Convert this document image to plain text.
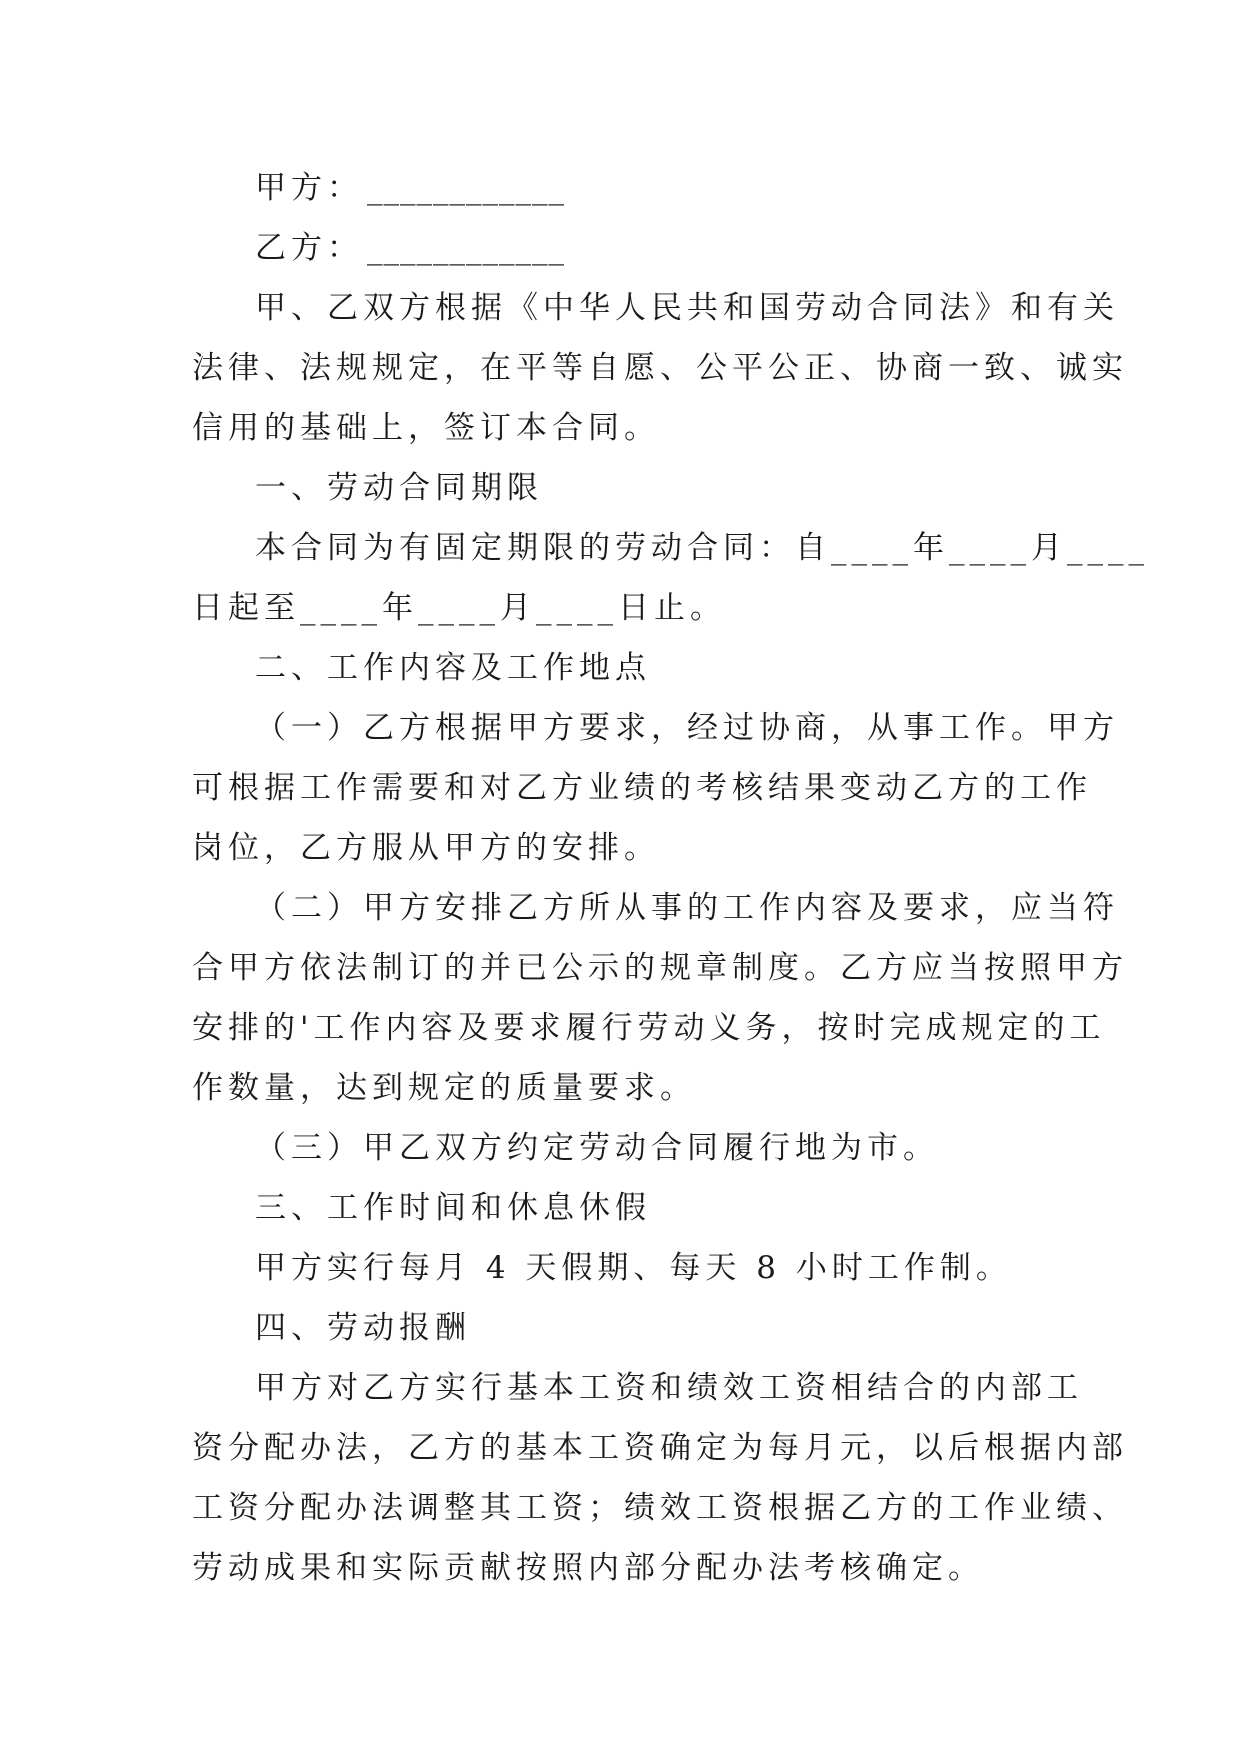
甲方： ____________

乙方： ____________

甲、乙双方根据《中华人民共和国劳动合同法》和有关

法律、法规规定，在平等自愿、公平公正、协商一致、诚实

信用的基础上，签订本合同。

一、劳动合同期限

本合同为有固定期限的劳动合同：自____年____月____

日起至____年____月____日止。

二、工作内容及工作地点

（一）乙方根据甲方要求，经过协商，从事工作。甲方

可根据工作需要和对乙方业绩的考核结果变动乙方的工作

岗位，乙方服从甲方的安排。

（二）甲方安排乙方所从事的工作内容及要求，应当符

合甲方依法制订的并已公示的规章制度。乙方应当按照甲方

安排的'工作内容及要求履行劳动义务，按时完成规定的工

作数量，达到规定的质量要求。

（三）甲乙双方约定劳动合同履行地为市。

三、工作时间和休息休假

甲方实行每月 4 天假期、每天 8 小时工作制。

四、劳动报酬

甲方对乙方实行基本工资和绩效工资相结合的内部工

资分配办法，乙方的基本工资确定为每月元，以后根据内部

工资分配办法调整其工资；绩效工资根据乙方的工作业绩、

劳动成果和实际贡献按照内部分配办法考核确定。
